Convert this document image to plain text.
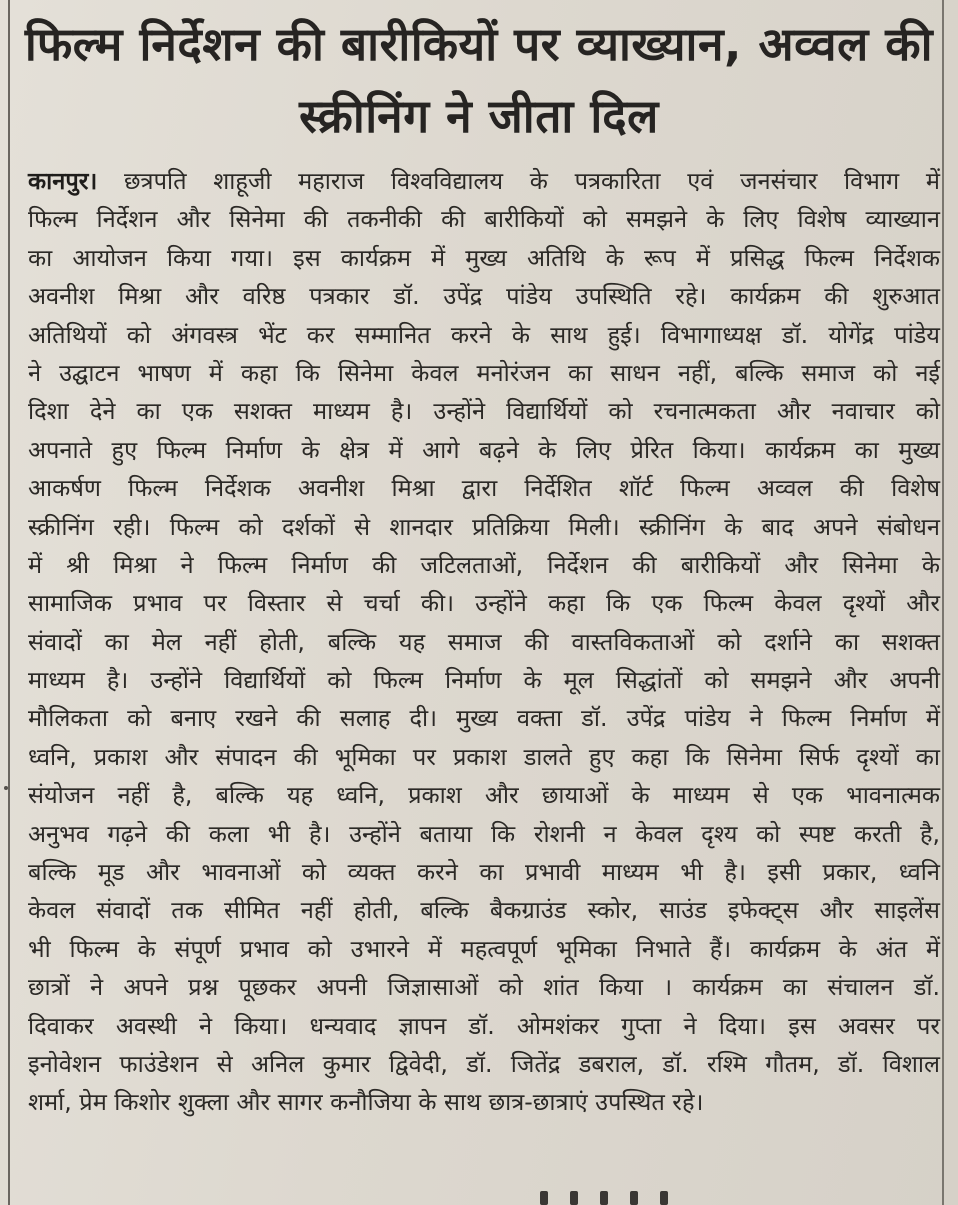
फिल्म निर्देशन की बारीकियों पर व्याख्यान, अव्वल की
स्क्रीनिंग ने जीता दिल
कानपुर। छत्रपति शाहूजी महाराज विश्वविद्यालय के पत्रकारिता एवं जनसंचार विभाग में
फिल्म निर्देशन और सिनेमा की तकनीकी की बारीकियों को समझने के लिए विशेष व्याख्यान
का आयोजन किया गया। इस कार्यक्रम में मुख्य अतिथि के रूप में प्रसिद्ध फिल्म निर्देशक
अवनीश मिश्रा और वरिष्ठ पत्रकार डॉ. उपेंद्र पांडेय उपस्थिति रहे। कार्यक्रम की शुरुआत
अतिथियों को अंगवस्त्र भेंट कर सम्मानित करने के साथ हुई। विभागाध्यक्ष डॉ. योगेंद्र पांडेय
ने उद्घाटन भाषण में कहा कि सिनेमा केवल मनोरंजन का साधन नहीं, बल्कि समाज को नई
दिशा देने का एक सशक्त माध्यम है। उन्होंने विद्यार्थियों को रचनात्मकता और नवाचार को
अपनाते हुए फिल्म निर्माण के क्षेत्र में आगे बढ़ने के लिए प्रेरित किया। कार्यक्रम का मुख्य
आकर्षण फिल्म निर्देशक अवनीश मिश्रा द्वारा निर्देशित शॉर्ट फिल्म अव्वल की विशेष
स्क्रीनिंग रही। फिल्म को दर्शकों से शानदार प्रतिक्रिया मिली। स्क्रीनिंग के बाद अपने संबोधन
में श्री मिश्रा ने फिल्म निर्माण की जटिलताओं, निर्देशन की बारीकियों और सिनेमा के
सामाजिक प्रभाव पर विस्तार से चर्चा की। उन्होंने कहा कि एक फिल्म केवल दृश्यों और
संवादों का मेल नहीं होती, बल्कि यह समाज की वास्तविकताओं को दर्शाने का सशक्त
माध्यम है। उन्होंने विद्यार्थियों को फिल्म निर्माण के मूल सिद्धांतों को समझने और अपनी
मौलिकता को बनाए रखने की सलाह दी। मुख्य वक्ता डॉ. उपेंद्र पांडेय ने फिल्म निर्माण में
ध्वनि, प्रकाश और संपादन की भूमिका पर प्रकाश डालते हुए कहा कि सिनेमा सिर्फ दृश्यों का
संयोजन नहीं है, बल्कि यह ध्वनि, प्रकाश और छायाओं के माध्यम से एक भावनात्मक
अनुभव गढ़ने की कला भी है। उन्होंने बताया कि रोशनी न केवल दृश्य को स्पष्ट करती है,
बल्कि मूड और भावनाओं को व्यक्त करने का प्रभावी माध्यम भी है। इसी प्रकार, ध्वनि
केवल संवादों तक सीमित नहीं होती, बल्कि बैकग्राउंड स्कोर, साउंड इफेक्ट्स और साइलेंस
भी फिल्म के संपूर्ण प्रभाव को उभारने में महत्वपूर्ण भूमिका निभाते हैं। कार्यक्रम के अंत में
छात्रों ने अपने प्रश्न पूछकर अपनी जिज्ञासाओं को शांत किया । कार्यक्रम का संचालन डॉ.
दिवाकर अवस्थी ने किया। धन्यवाद ज्ञापन डॉ. ओमशंकर गुप्ता ने दिया। इस अवसर पर
इनोवेशन फाउंडेशन से अनिल कुमार द्विवेदी, डॉ. जितेंद्र डबराल, डॉ. रश्मि गौतम, डॉ. विशाल
शर्मा, प्रेम किशोर शुक्ला और सागर कनौजिया के साथ छात्र-छात्राएं उपस्थित रहे।
